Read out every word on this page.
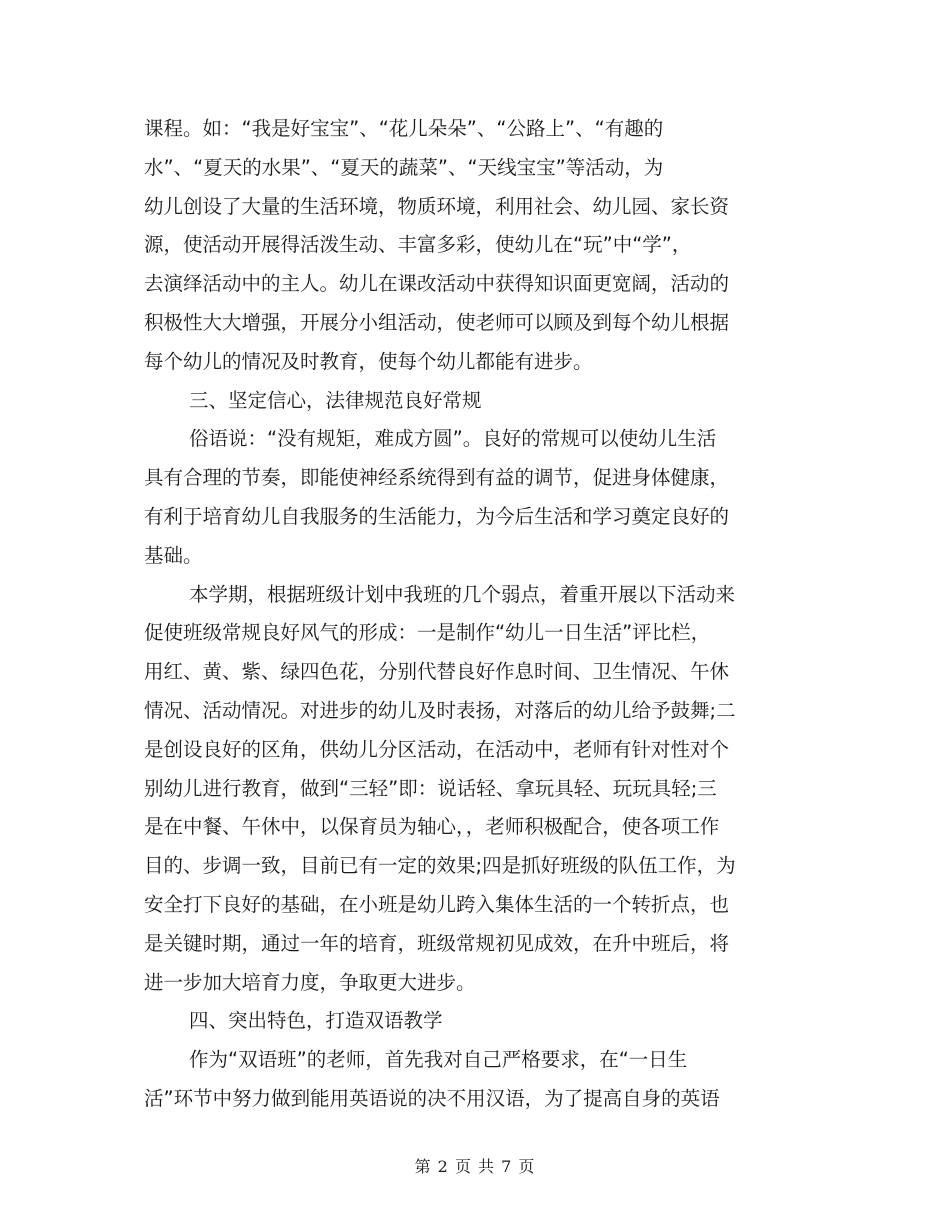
课程。如：“我是好宝宝”、“花儿朵朵”、“公路上”、“有趣的
水”、“夏天的水果”、“夏天的蔬菜”、“天线宝宝”等活动，为
幼儿创设了大量的生活环境，物质环境，利用社会、幼儿园、家长资
源，使活动开展得活泼生动、丰富多彩，使幼儿在“玩”中“学”，
去演绎活动中的主人。幼儿在课改活动中获得知识面更宽阔，活动的
积极性大大增强，开展分小组活动，使老师可以顾及到每个幼儿根据
每个幼儿的情况及时教育，使每个幼儿都能有进步。
三、坚定信心，法律规范良好常规
俗语说：“没有规矩，难成方圆”。良好的常规可以使幼儿生活
具有合理的节奏，即能使神经系统得到有益的调节，促进身体健康，
有利于培育幼儿自我服务的生活能力，为今后生活和学习奠定良好的
基础。
本学期，根据班级计划中我班的几个弱点，着重开展以下活动来
促使班级常规良好风气的形成：一是制作“幼儿一日生活”评比栏，
用红、黄、紫、绿四色花，分别代替良好作息时间、卫生情况、午休
情况、活动情况。对进步的幼儿及时表扬，对落后的幼儿给予鼓舞;二
是创设良好的区角，供幼儿分区活动，在活动中，老师有针对性对个
别幼儿进行教育，做到“三轻”即：说话轻、拿玩具轻、玩玩具轻;三
是在中餐、午休中，以保育员为轴心，，老师积极配合，使各项工作
目的、步调一致，目前已有一定的效果;四是抓好班级的队伍工作，为
安全打下良好的基础，在小班是幼儿跨入集体生活的一个转折点，也
是关键时期，通过一年的培育，班级常规初见成效，在升中班后，将
进一步加大培育力度，争取更大进步。
四、突出特色，打造双语教学
作为“双语班”的老师，首先我对自己严格要求，在“一日生
活”环节中努力做到能用英语说的决不用汉语，为了提高自身的英语
第 2 页 共 7 页
